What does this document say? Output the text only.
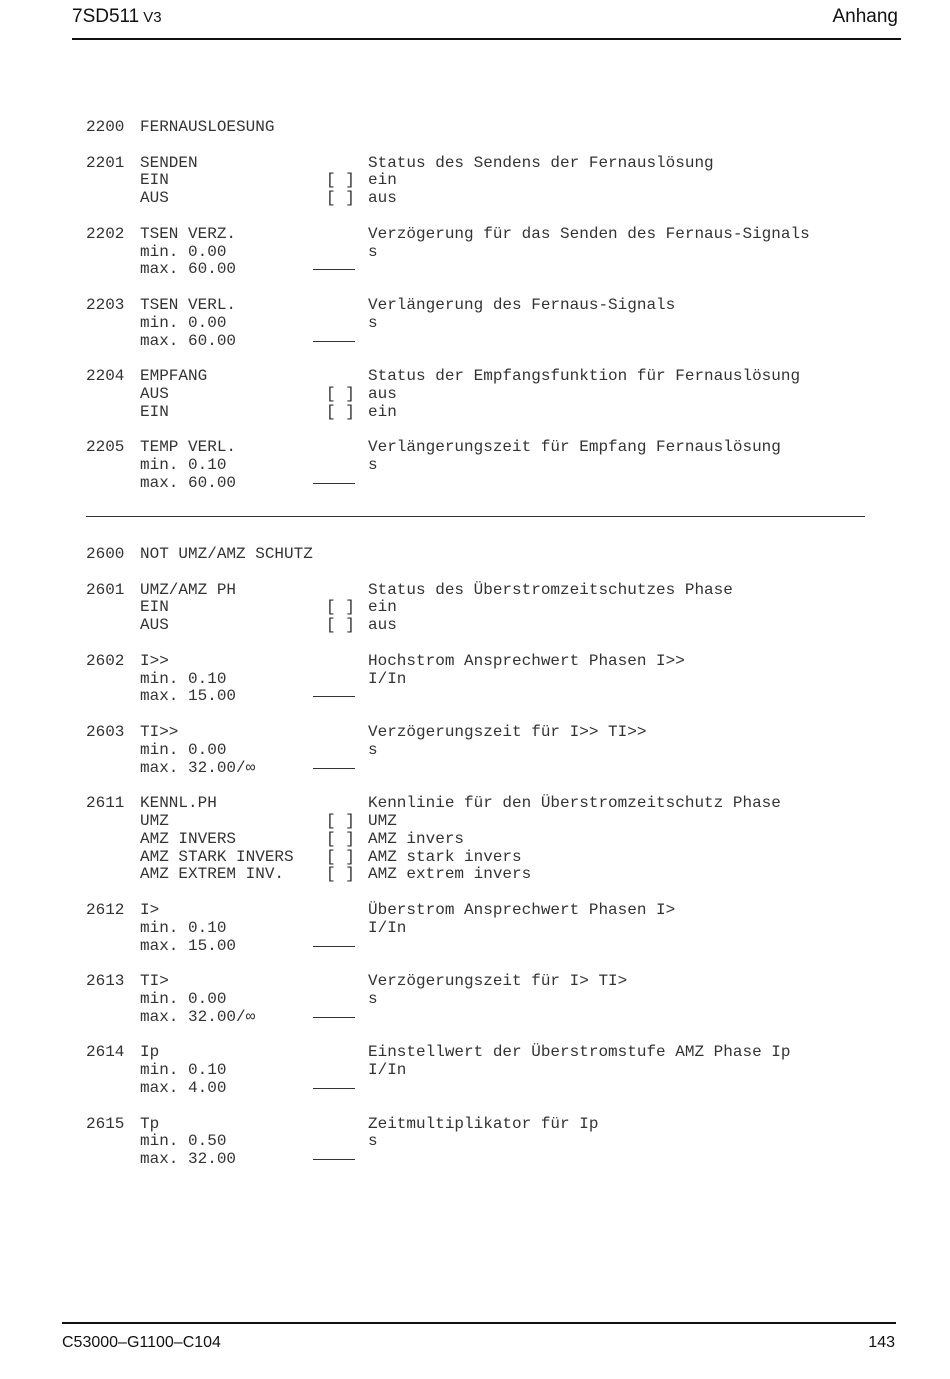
7SD511 V3	Anhang
2200 FERNAUSLOESUNG
2201 SENDEN	Status des Sendens der Fernauslösung
EIN	[ ] ein
AUS	[ ] aus
2202 TSEN VERZ.	Verzögerung für das Senden des Fernaus-Signals
min. 0.00	s
max. 60.00
2203 TSEN VERL.	Verlängerung des Fernaus-Signals
min. 0.00	s
max. 60.00
2204 EMPFANG	Status der Empfangsfunktion für Fernauslösung
AUS	[ ] aus
EIN	[ ] ein
2205 TEMP VERL.	Verlängerungszeit für Empfang Fernauslösung
min. 0.10	s
max. 60.00
2600 NOT UMZ/AMZ SCHUTZ
2601 UMZ/AMZ PH	Status des Überstromzeitschutzes Phase
EIN	[ ] ein
AUS	[ ] aus
2602 I>>	Hochstrom Ansprechwert Phasen I>>
min. 0.10	I/In
max. 15.00
2603 TI>>	Verzögerungszeit für I>> TI>>
min. 0.00	s
max. 32.00/∞
2611 KENNL.PH	Kennlinie für den Überstromzeitschutz Phase
UMZ	[ ] UMZ
AMZ INVERS	[ ] AMZ invers
AMZ STARK INVERS [ ] AMZ stark invers
AMZ EXTREM INV.	[ ] AMZ extrem invers
2612 I>	Überstrom Ansprechwert Phasen I>
min. 0.10	I/In
max. 15.00
2613 TI>	Verzögerungszeit für I> TI>
min. 0.00	s
max. 32.00/∞
2614 Ip	Einstellwert der Überstromstufe AMZ Phase Ip
min. 0.10	I/In
max. 4.00
2615 Tp	Zeitmultiplikator für Ip
min. 0.50	s
max. 32.00
C53000–G1100–C104	143
